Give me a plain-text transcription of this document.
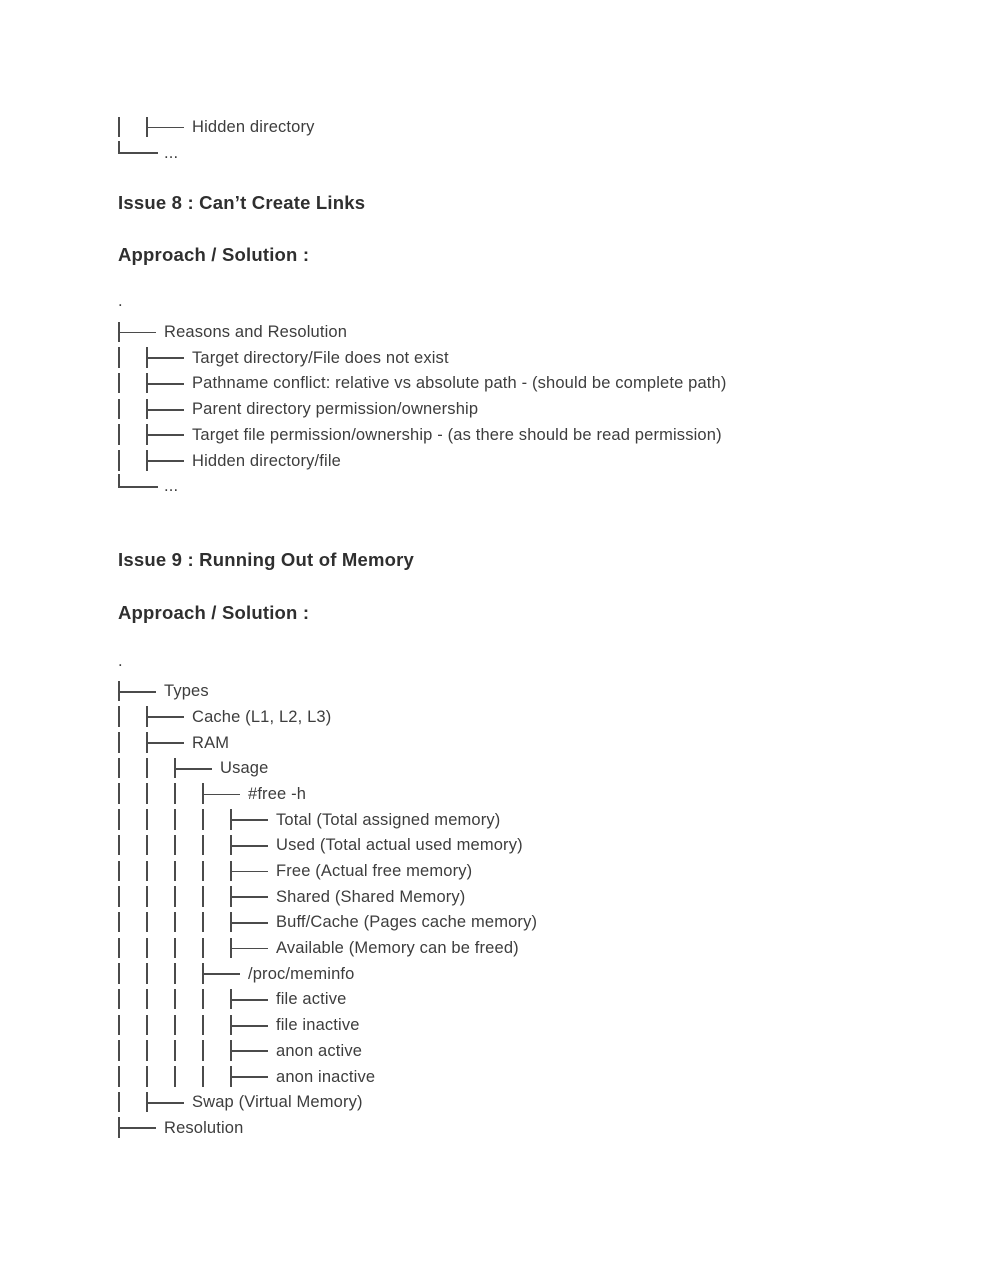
Hidden directory
...
Issue 8 : Can’t Create Links
Approach / Solution :
.
Reasons and Resolution
Target directory/File does not exist
Pathname conflict: relative vs absolute path - (should be complete path)
Parent directory permission/ownership
Target file permission/ownership - (as there should be read permission)
Hidden directory/file
...
Issue 9 : Running Out of Memory
Approach / Solution :
.
Types
Cache (L1, L2, L3)
RAM
Usage
#free -h
Total (Total assigned memory)
Used (Total actual used memory)
Free (Actual free memory)
Shared (Shared Memory)
Buff/Cache (Pages cache memory)
Available (Memory can be freed)
/proc/meminfo
file active
file inactive
anon active
anon inactive
Swap (Virtual Memory)
Resolution
